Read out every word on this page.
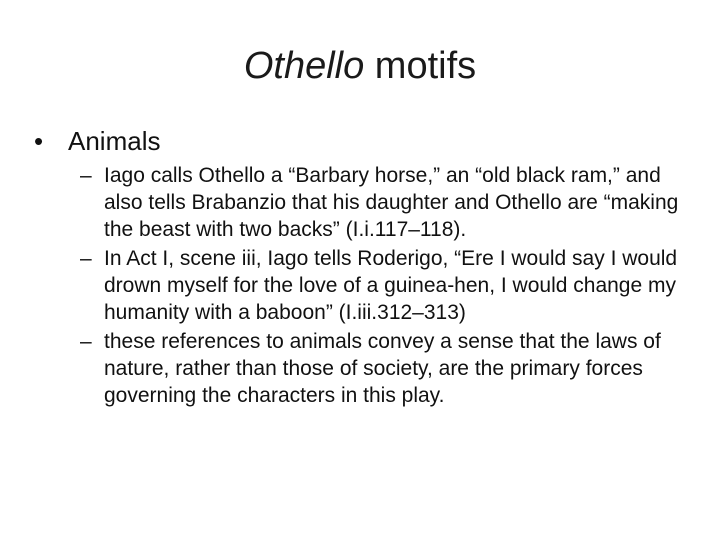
Othello motifs
• Animals
– Iago calls Othello a “Barbary horse,” an “old black ram,” and also tells Brabanzio that his daughter and Othello are “making the beast with two backs” (I.i.117–118).
– In Act I, scene iii, Iago tells Roderigo, “Ere I would say I would drown myself for the love of a guinea-hen, I would change my humanity with a baboon” (I.iii.312–313)
– these references to animals convey a sense that the laws of nature, rather than those of society, are the primary forces governing the characters in this play.
